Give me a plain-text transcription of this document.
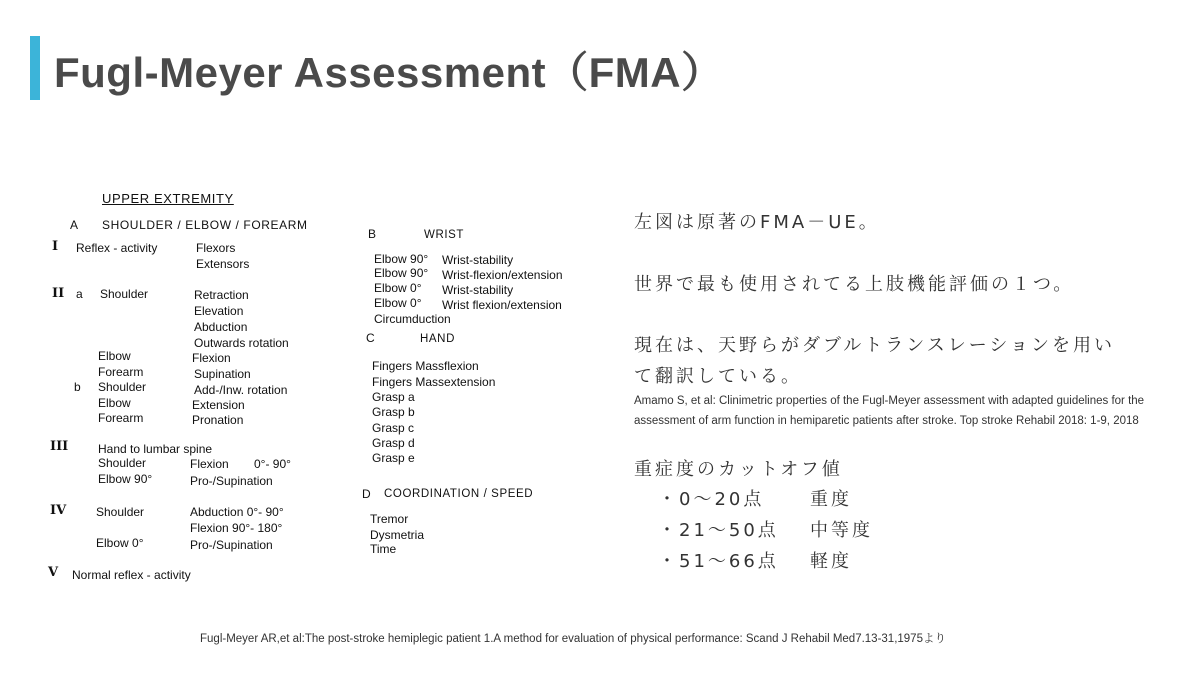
Fugl-Meyer Assessment（FMA）
UPPER EXTREMITY
A SHOULDER / ELBOW / FOREARM
I Reflex - activity	Flexors
Extensors
II a Shoulder	Retraction
Elevation
Abduction
Outwards rotation
Elbow	Flexion
Forearm	Supination
b Shoulder	Add-/Inw. rotation
Elbow	Extension
Forearm	Pronation
III Hand to lumbar spine
Shoulder	Flexion 0°- 90°
Elbow 90°	Pro-/Supination
IV Shoulder	Abduction 0°- 90°
Flexion 90°- 180°
Elbow 0°	Pro-/Supination
V Normal reflex - activity
B	WRIST
Elbow 90° Wrist-stability
Elbow 90° Wrist-flexion/extension
Elbow 0° Wrist-stability
Elbow 0° Wrist flexion/extension
Circumduction
C	HAND
Fingers Massflexion
Fingers Massextension
Grasp a
Grasp b
Grasp c
Grasp d
Grasp e
D COORDINATION / SPEED
Tremor
Dysmetria
Time
左図は原著のFMA－UE。
世界で最も使用されてる上肢機能評価の１つ。
現在は、天野らがダブルトランスレーションを用い
て翻訳している。
Amamo S, et al: Clinimetric properties of the Fugl-Meyer assessment with adapted guidelines for the
assessment of arm function in hemiparetic patients after stroke. Top stroke Rehabil 2018: 1-9, 2018
重症度のカットオフ値
・0～20点	重度
・21～50点 中等度
・51～66点 軽度
Fugl-Meyer AR,et al:The post-stroke hemiplegic patient 1.A method for evaluation of physical performance: Scand J Rehabil Med7.13-31,1975より
